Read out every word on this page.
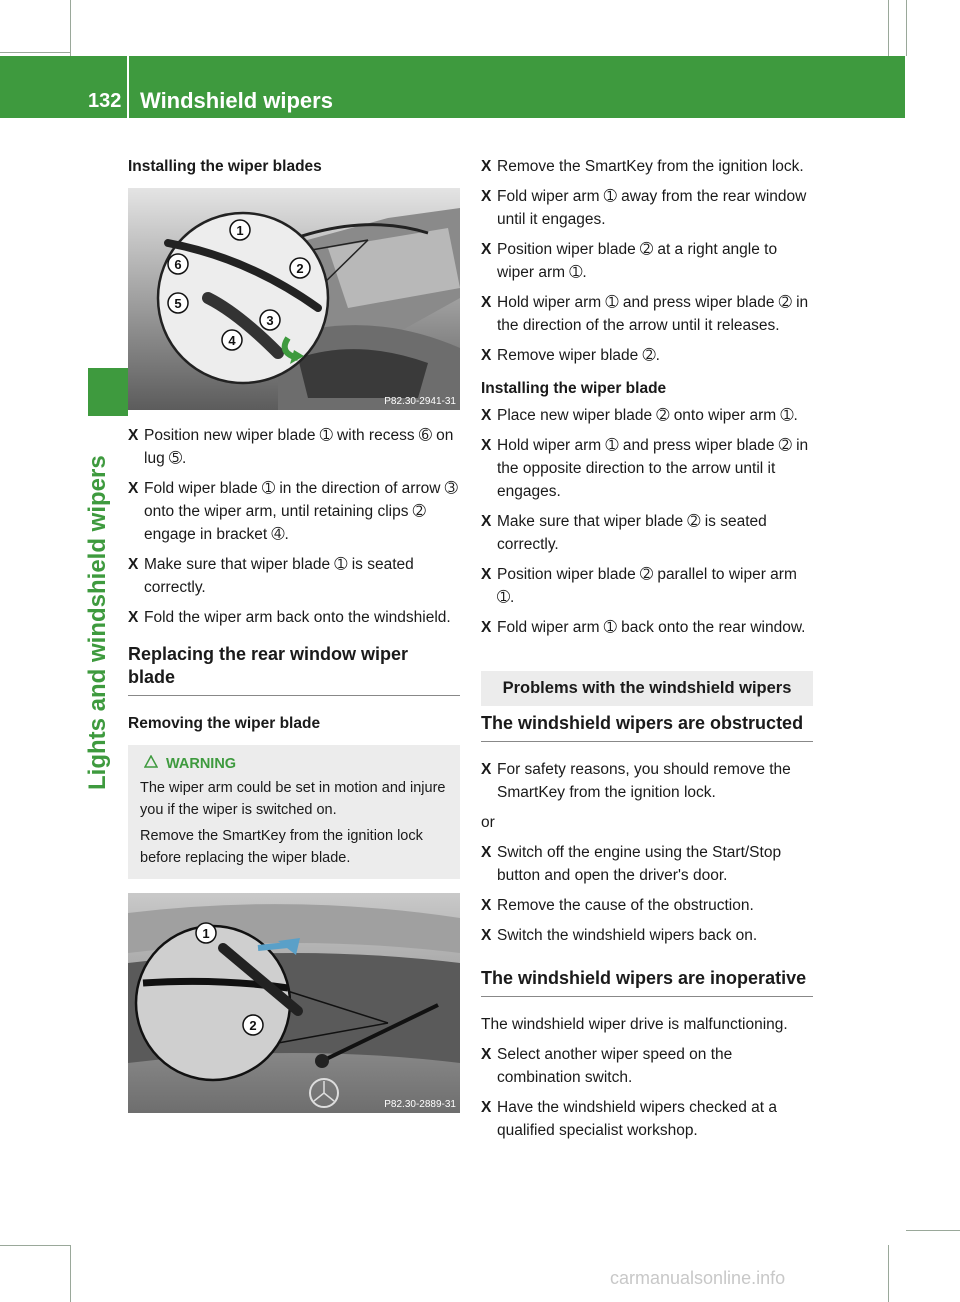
132 Windshield wipers
Lights and windshield wipers
Installing the wiper blades
1
2
3
4
5
6
P82.30-2941-31
X Position new wiper blade ➀ with recess ➅ on lug ➄.
X Fold wiper blade ➀ in the direction of arrow ➂ onto the wiper arm, until retaining clips ➁ engage in bracket ➃.
X Make sure that wiper blade ➀ is seated correctly.
X Fold the wiper arm back onto the windshield.
Replacing the rear window wiper blade
Removing the wiper blade
WARNING
The wiper arm could be set in motion and injure you if the wiper is switched on.
Remove the SmartKey from the ignition lock before replacing the wiper blade.
1
2
P82.30-2889-31
X Remove the SmartKey from the ignition lock.
X Fold wiper arm ➀ away from the rear window until it engages.
X Position wiper blade ➁ at a right angle to wiper arm ➀.
X Hold wiper arm ➀ and press wiper blade ➁ in the direction of the arrow until it releases.
X Remove wiper blade ➁.
Installing the wiper blade
X Place new wiper blade ➁ onto wiper arm ➀.
X Hold wiper arm ➀ and press wiper blade ➁ in the opposite direction to the arrow until it engages.
X Make sure that wiper blade ➁ is seated correctly.
X Position wiper blade ➁ parallel to wiper arm ➀.
X Fold wiper arm ➀ back onto the rear window.
Problems with the windshield wipers
The windshield wipers are obstructed
X For safety reasons, you should remove the SmartKey from the ignition lock.

or

X Switch off the engine using the Start/Stop button and open the driver's door.
X Remove the cause of the obstruction.
X Switch the windshield wipers back on.
The windshield wipers are inoperative

The windshield wiper drive is malfunctioning.

X Select another wiper speed on the combination switch.
X Have the windshield wipers checked at a qualified specialist workshop.
carmanualsonline.info
